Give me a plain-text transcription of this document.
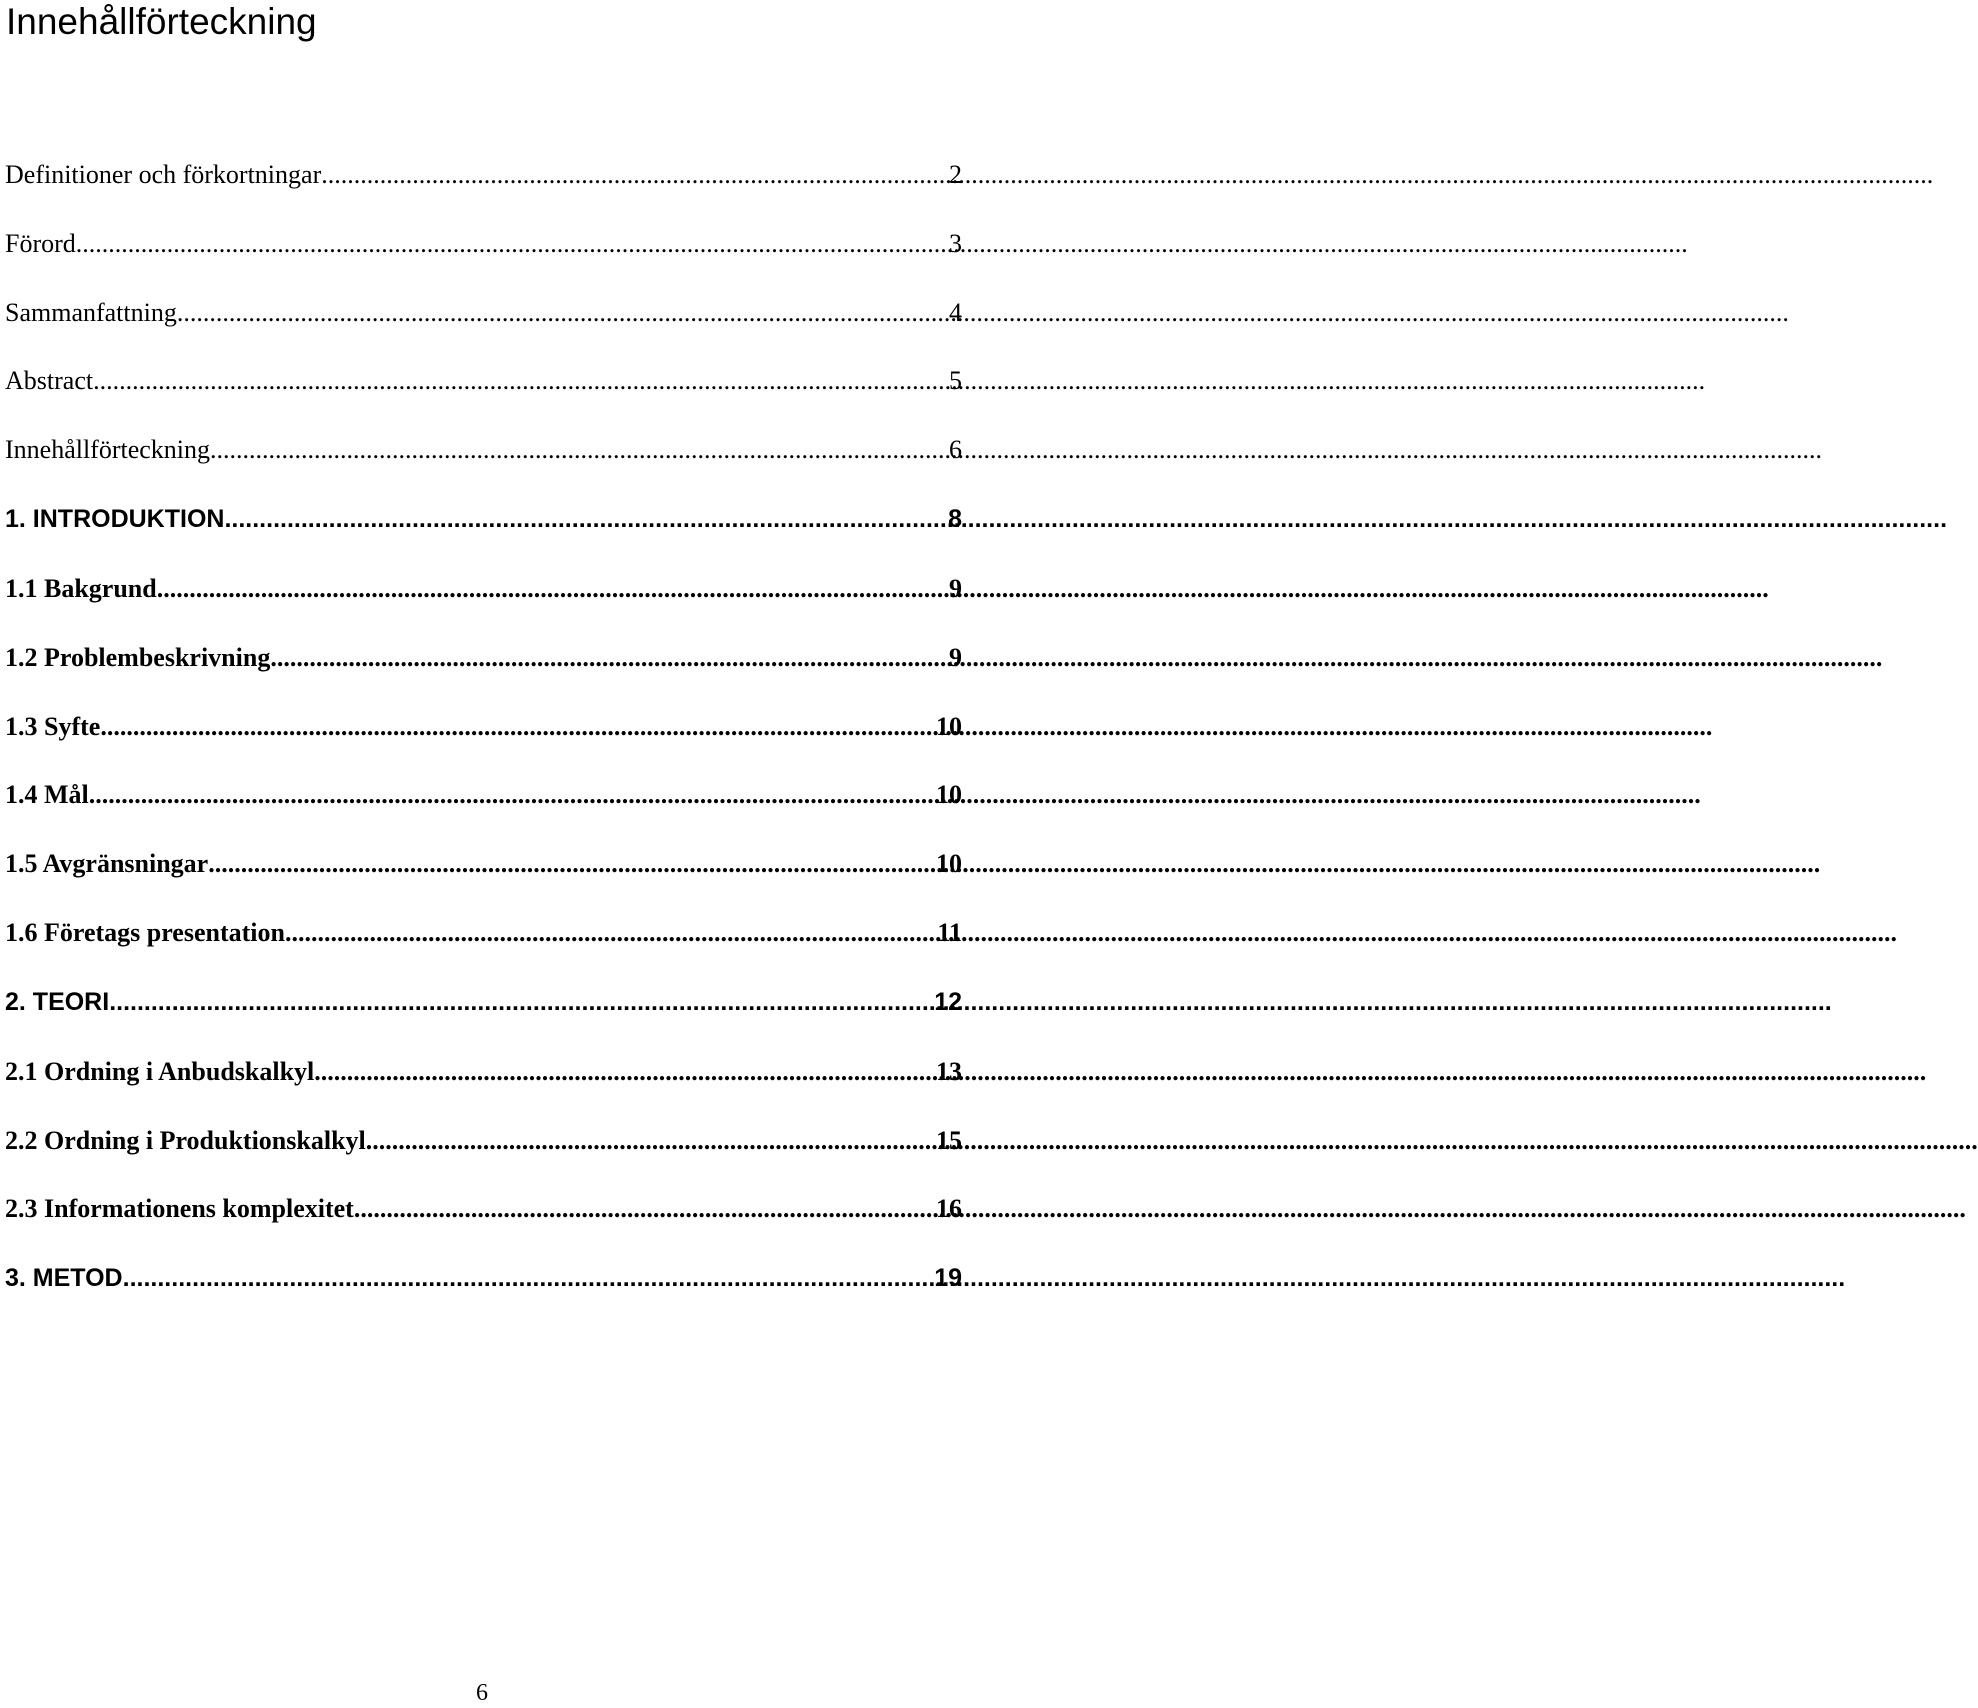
Innehållförteckning
Definitioner och förkortningar .....	2
Förord .....	3
Sammanfattning .....	4
Abstract .....	5
Innehållförteckning .....	6
1. INTRODUKTION .....	8
1.1 Bakgrund .....	9
1.2 Problembeskrivning .....	9
1.3 Syfte .....	10
1.4 Mål .....	10
1.5 Avgränsningar .....	10
1.6 Företags presentation .....	11
2. TEORI .....	12
2.1 Ordning i Anbudskalkyl .....	13
2.2 Ordning i Produktionskalkyl .....	15
2.3 Informationens komplexitet .....	16
3. METOD .....	19
6
